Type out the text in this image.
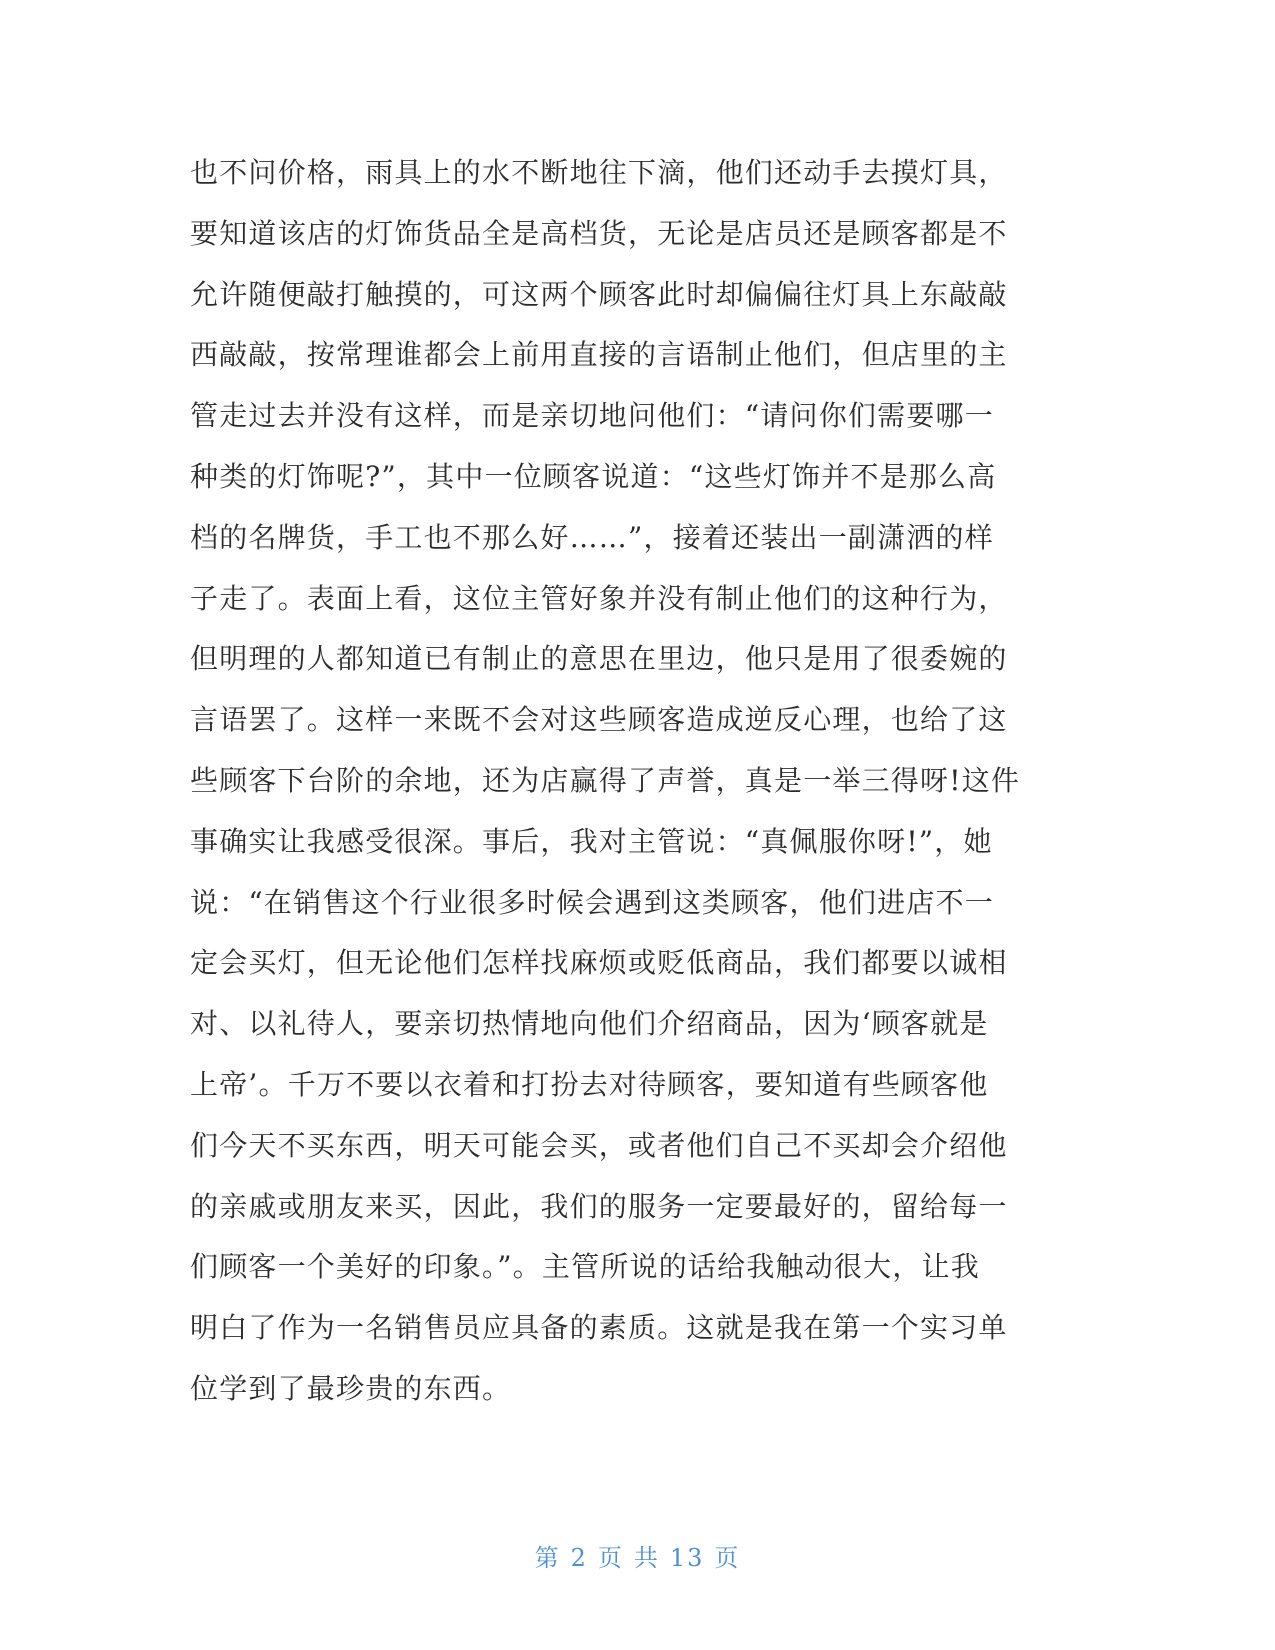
也不问价格，雨具上的水不断地往下滴，他们还动手去摸灯具，
要知道该店的灯饰货品全是高档货，无论是店员还是顾客都是不
允许随便敲打触摸的，可这两个顾客此时却偏偏往灯具上东敲敲
西敲敲，按常理谁都会上前用直接的言语制止他们，但店里的主
管走过去并没有这样，而是亲切地问他们：“请问你们需要哪一
种类的灯饰呢?”，其中一位顾客说道：“这些灯饰并不是那么高
档的名牌货，手工也不那么好……”，接着还装出一副潇洒的样
子走了。表面上看，这位主管好象并没有制止他们的这种行为，
但明理的人都知道已有制止的意思在里边，他只是用了很委婉的
言语罢了。这样一来既不会对这些顾客造成逆反心理，也给了这
些顾客下台阶的余地，还为店赢得了声誉，真是一举三得呀!这件
事确实让我感受很深。事后，我对主管说：“真佩服你呀!”，她
说：“在销售这个行业很多时候会遇到这类顾客，他们进店不一
定会买灯，但无论他们怎样找麻烦或贬低商品，我们都要以诚相
对、以礼待人，要亲切热情地向他们介绍商品，因为‘顾客就是
上帝’。千万不要以衣着和打扮去对待顾客，要知道有些顾客他
们今天不买东西，明天可能会买，或者他们自己不买却会介绍他
的亲戚或朋友来买，因此，我们的服务一定要最好的，留给每一
们顾客一个美好的印象。”。主管所说的话给我触动很大，让我
明白了作为一名销售员应具备的素质。这就是我在第一个实习单
位学到了最珍贵的东西。
第 2 页 共 13 页
